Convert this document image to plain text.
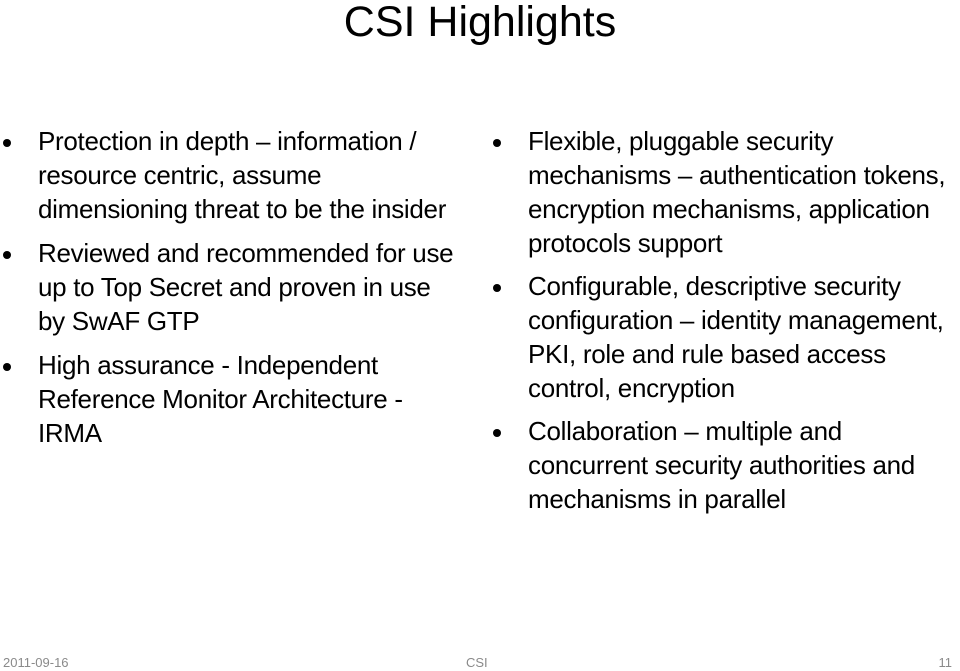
CSI Highlights
Protection in depth – information / resource centric, assume dimensioning threat to be the insider
Reviewed and recommended for use up to Top Secret and proven in use by SwAF GTP
High assurance - Independent Reference Monitor Architecture - IRMA
Flexible, pluggable security mechanisms – authentication tokens, encryption mechanisms, application protocols support
Configurable, descriptive security configuration – identity management, PKI, role and rule based access control, encryption
Collaboration – multiple and concurrent security authorities and mechanisms in parallel
2011-09-16	CSI	11
